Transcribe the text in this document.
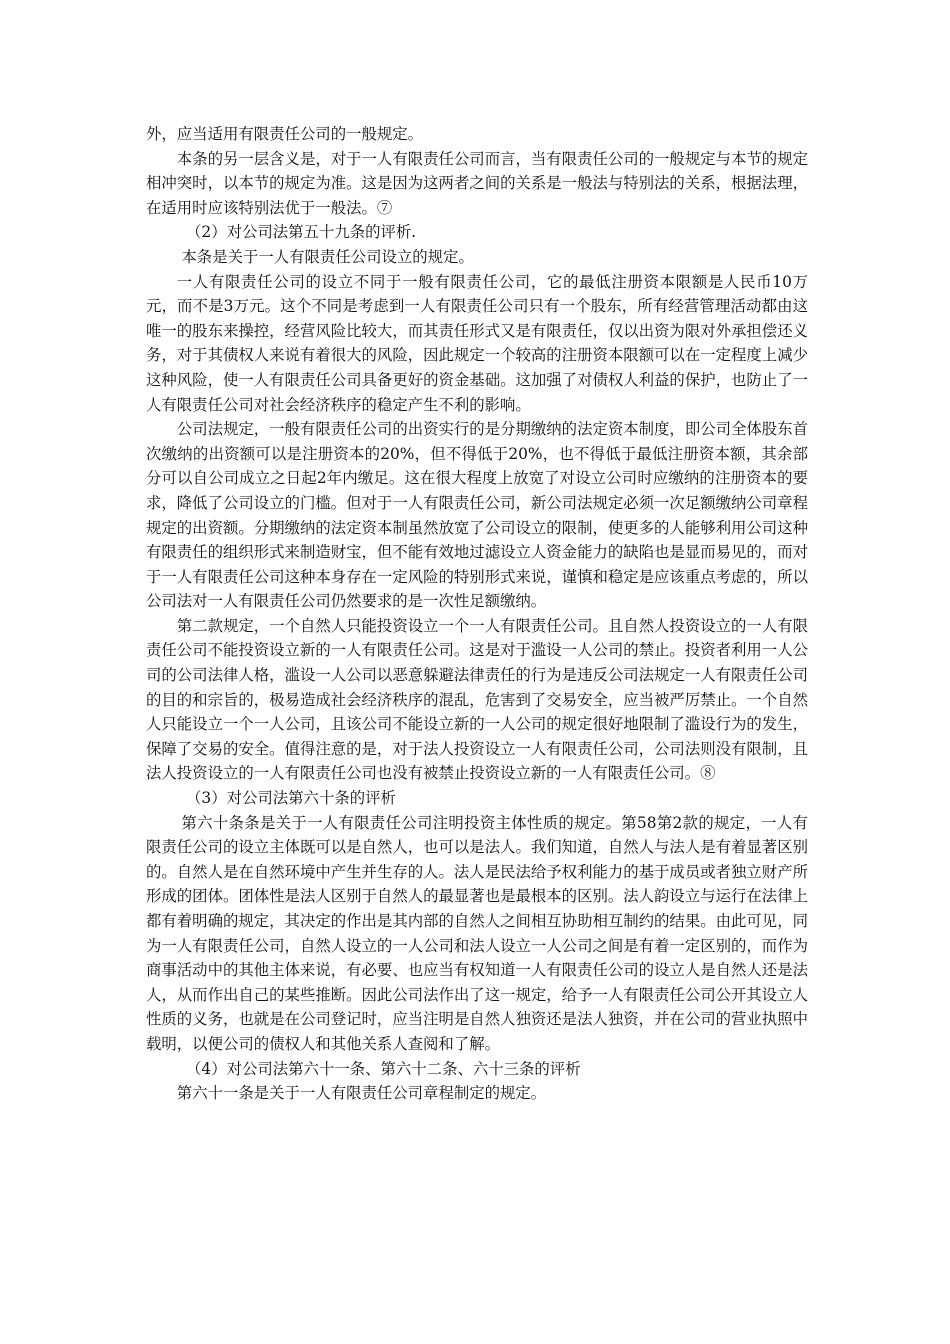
外，应当适用有限责任公司的一般规定。

本条的另一层含义是，对于一人有限责任公司而言，当有限责任公司的一般规定与本节的规定相冲突时，以本节的规定为准。这是因为这两者之间的关系是一般法与特别法的关系，根据法理，在适用时应该特别法优于一般法。⑦

（2）对公司法第五十九条的评析.

本条是关于一人有限责任公司设立的规定。

一人有限责任公司的设立不同于一般有限责任公司，它的最低注册资本限额是人民币10万元，而不是3万元。这个不同是考虑到一人有限责任公司只有一个股东，所有经营管理活动都由这唯一的股东来操控，经营风险比较大，而其责任形式又是有限责任，仅以出资为限对外承担偿还义务，对于其债权人来说有着很大的风险，因此规定一个较高的注册资本限额可以在一定程度上减少这种风险，使一人有限责任公司具备更好的资金基础。这加强了对债权人利益的保护，也防止了一人有限责任公司对社会经济秩序的稳定产生不利的影响。

公司法规定，一般有限责任公司的出资实行的是分期缴纳的法定资本制度，即公司全体股东首次缴纳的出资额可以是注册资本的20%，但不得低于20%，也不得低于最低注册资本额，其余部分可以自公司成立之日起2年内缴足。这在很大程度上放宽了对设立公司时应缴纳的注册资本的要求，降低了公司设立的门槛。但对于一人有限责任公司，新公司法规定必须一次足额缴纳公司章程规定的出资额。分期缴纳的法定资本制虽然放宽了公司设立的限制，使更多的人能够利用公司这种有限责任的组织形式来制造财宝，但不能有效地过滤设立人资金能力的缺陷也是显而易见的，而对于一人有限责任公司这种本身存在一定风险的特别形式来说，谨慎和稳定是应该重点考虑的，所以公司法对一人有限责任公司仍然要求的是一次性足额缴纳。

第二款规定，一个自然人只能投资设立一个一人有限责任公司。且自然人投资设立的一人有限责任公司不能投资设立新的一人有限责任公司。这是对于滥设一人公司的禁止。投资者利用一人公司的公司法律人格，滥设一人公司以恶意躲避法律责任的行为是违反公司法规定一人有限责任公司的目的和宗旨的，极易造成社会经济秩序的混乱，危害到了交易安全，应当被严厉禁止。一个自然人只能设立一个一人公司，且该公司不能设立新的一人公司的规定很好地限制了滥设行为的发生，保障了交易的安全。值得注意的是，对于法人投资设立一人有限责任公司，公司法则没有限制，且法人投资设立的一人有限责任公司也没有被禁止投资设立新的一人有限责任公司。⑧

（3）对公司法第六十条的评析

第六十条条是关于一人有限责任公司注明投资主体性质的规定。第58第2款的规定，一人有限责任公司的设立主体既可以是自然人，也可以是法人。我们知道，自然人与法人是有着显著区别的。自然人是在自然环境中产生并生存的人。法人是民法给予权利能力的基于成员或者独立财产所形成的团体。团体性是法人区别于自然人的最显著也是最根本的区别。法人韵设立与运行在法律上都有着明确的规定，其决定的作出是其内部的自然人之间相互协助相互制约的结果。由此可见，同为一人有限责任公司，自然人设立的一人公司和法人设立一人公司之间是有着一定区别的，而作为商事活动中的其他主体来说，有必要、也应当有权知道一人有限责任公司的设立人是自然人还是法人，从而作出自己的某些推断。因此公司法作出了这一规定，给予一人有限责任公司公开其设立人性质的义务，也就是在公司登记时，应当注明是自然人独资还是法人独资，并在公司的营业执照中载明，以便公司的债权人和其他关系人查阅和了解。

（4）对公司法第六十一条、第六十二条、六十三条的评析

第六十一条是关于一人有限责任公司章程制定的规定。
